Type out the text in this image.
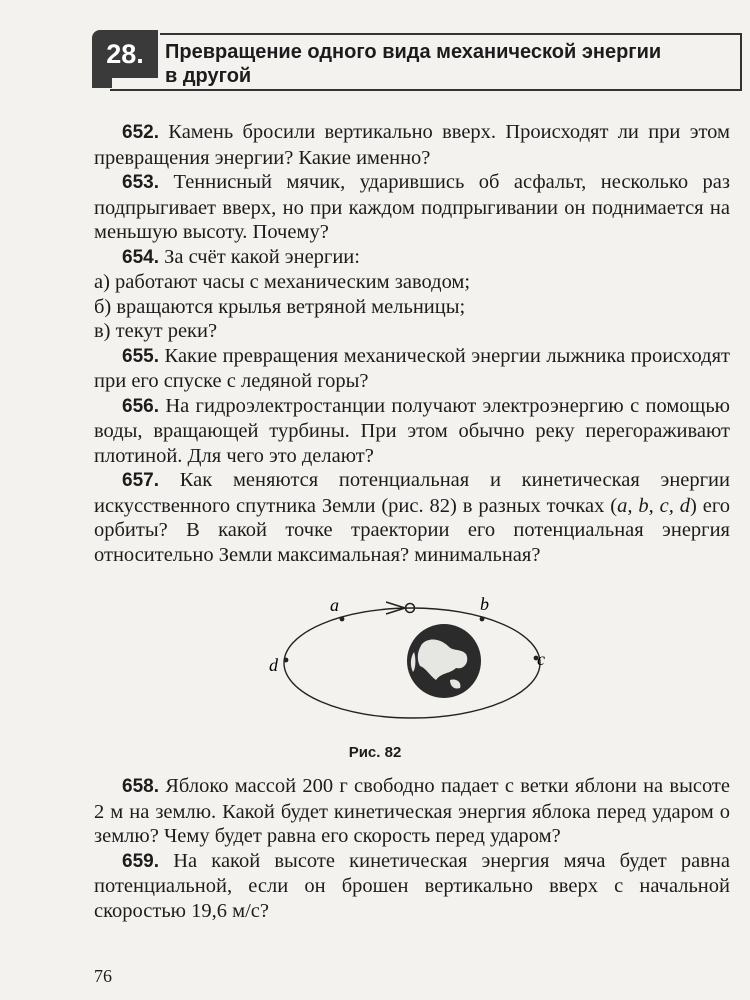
28. Превращение одного вида механической энергии
в другой

652. Камень бросили вертикально вверх. Происходят ли при этом превращения энергии? Какие именно?

653. Теннисный мячик, ударившись об асфальт, несколько раз подпрыгивает вверх, но при каждом подпрыгивании он поднимается на меньшую высоту. Почему?

654. За счёт какой энергии:

а) работают часы с механическим заводом;

б) вращаются крылья ветряной мельницы;

в) текут реки?

655. Какие превращения механической энергии лыжника происходят при его спуске с ледяной горы?

656. На гидроэлектростанции получают электроэнергию с помощью воды, вращающей турбины. При этом обычно реку перегораживают плотиной. Для чего это делают?

657. Как меняются потенциальная и кинетическая энергии искусственного спутника Земли (рис. 82) в разных точках (a, b, c, d) его орбиты? В какой точке траектории его потенциальная энергия относительно Земли максимальная? минимальная?

a	b
c
d
Рис. 82

658. Яблоко массой 200 г свободно падает с ветки яблони на высоте 2 м на землю. Какой будет кинетическая энергия яблока перед ударом о землю? Чему будет равна его скорость перед ударом?

659. На какой высоте кинетическая энергия мяча будет равна потенциальной, если он брошен вертикально вверх с начальной скоростью 19,6 м/с?

76
